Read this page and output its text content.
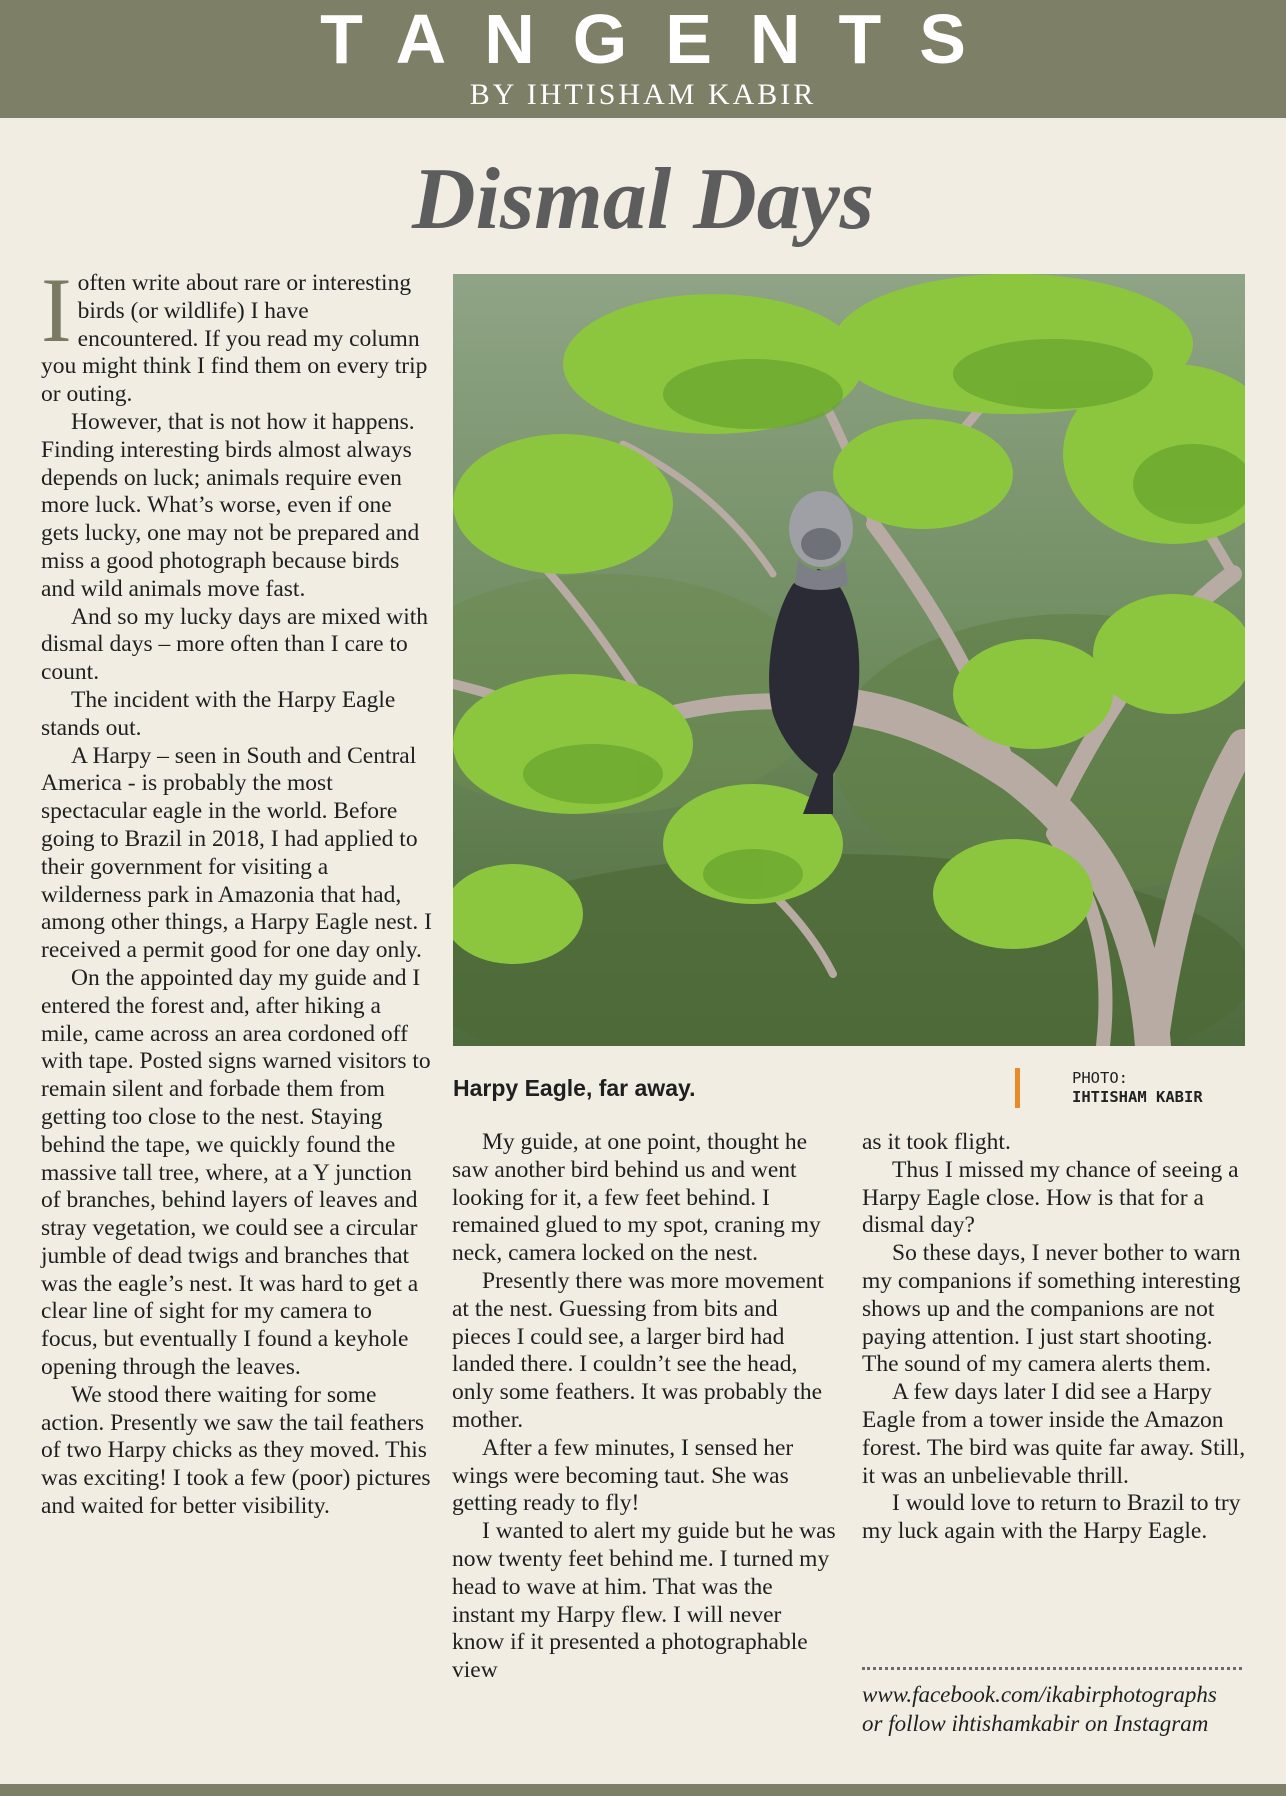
TANGENTS
BY IHTISHAM KABIR
Dismal Days
I often write about rare or interesting birds (or wildlife) I have encountered. If you read my column you might think I find them on every trip or outing.

However, that is not how it happens. Finding interesting birds almost always depends on luck; animals require even more luck. What’s worse, even if one gets lucky, one may not be prepared and miss a good photograph because birds and wild animals move fast.

And so my lucky days are mixed with dismal days – more often than I care to count.

The incident with the Harpy Eagle stands out.

A Harpy – seen in South and Central America - is probably the most spectacular eagle in the world. Before going to Brazil in 2018, I had applied to their government for visiting a wilderness park in Amazonia that had, among other things, a Harpy Eagle nest. I received a permit good for one day only.

On the appointed day my guide and I entered the forest and, after hiking a mile, came across an area cordoned off with tape. Posted signs warned visitors to remain silent and forbade them from getting too close to the nest. Staying behind the tape, we quickly found the massive tall tree, where, at a Y junction of branches, behind layers of leaves and stray vegetation, we could see a circular jumble of dead twigs and branches that was the eagle’s nest. It was hard to get a clear line of sight for my camera to focus, but eventually I found a keyhole opening through the leaves.

We stood there waiting for some action. Presently we saw the tail feathers of two Harpy chicks as they moved. This was exciting! I took a few (poor) pictures and waited for better visibility.

Harpy Eagle, far away.	PHOTO:
IHTISHAM KABIR

My guide, at one point, thought he saw another bird behind us and went looking for it, a few feet behind. I remained glued to my spot, craning my neck, camera locked on the nest.

Presently there was more movement at the nest. Guessing from bits and pieces I could see, a larger bird had landed there. I couldn’t see the head, only some feathers. It was probably the mother.

After a few minutes, I sensed her wings were becoming taut. She was getting ready to fly!

I wanted to alert my guide but he was now twenty feet behind me. I turned my head to wave at him. That was the instant my Harpy flew. I will never know if it presented a photographable view

as it took flight.

Thus I missed my chance of seeing a Harpy Eagle close. How is that for a dismal day?

So these days, I never bother to warn my companions if something interesting shows up and the companions are not paying attention. I just start shooting. The sound of my camera alerts them.

A few days later I did see a Harpy Eagle from a tower inside the Amazon forest. The bird was quite far away. Still, it was an unbelievable thrill.

I would love to return to Brazil to try my luck again with the Harpy Eagle.

www.facebook.com/ikabirphotographs
or follow ihtishamkabir on Instagram
